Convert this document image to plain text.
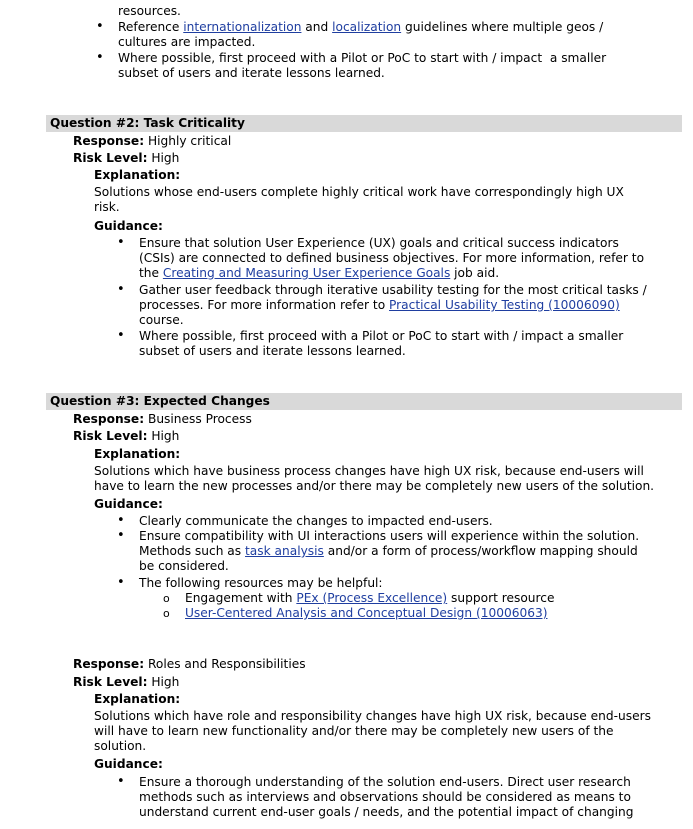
resources.
•
Reference internationalization and localization guidelines where multiple geos /
cultures are impacted.
•
Where possible, first proceed with a Pilot or PoC to start with / impact  a smaller
subset of users and iterate lessons learned.
Question #2: Task Criticality
Response: Highly critical
Risk Level: High
Explanation:
Solutions whose end-users complete highly critical work have correspondingly high UX
risk.
Guidance:
•
Ensure that solution User Experience (UX) goals and critical success indicators
(CSIs) are connected to defined business objectives. For more information, refer to
the Creating and Measuring User Experience Goals job aid.
•
Gather user feedback through iterative usability testing for the most critical tasks /
processes. For more information refer to Practical Usability Testing (10006090)
course.
•
Where possible, first proceed with a Pilot or PoC to start with / impact a smaller
subset of users and iterate lessons learned.
Question #3: Expected Changes
Response: Business Process
Risk Level: High
Explanation:
Solutions which have business process changes have high UX risk, because end-users will
have to learn the new processes and/or there may be completely new users of the solution.
Guidance:
•
Clearly communicate the changes to impacted end-users.
•
Ensure compatibility with UI interactions users will experience within the solution.
Methods such as task analysis and/or a form of process/workflow mapping should
be considered.
•
The following resources may be helpful:
o
Engagement with PEx (Process Excellence) support resource
o
User-Centered Analysis and Conceptual Design (10006063)
Response: Roles and Responsibilities
Risk Level: High
Explanation:
Solutions which have role and responsibility changes have high UX risk, because end-users
will have to learn new functionality and/or there may be completely new users of the
solution.
Guidance:
•
Ensure a thorough understanding of the solution end-users. Direct user research
methods such as interviews and observations should be considered as means to
understand current end-user goals / needs, and the potential impact of changing
